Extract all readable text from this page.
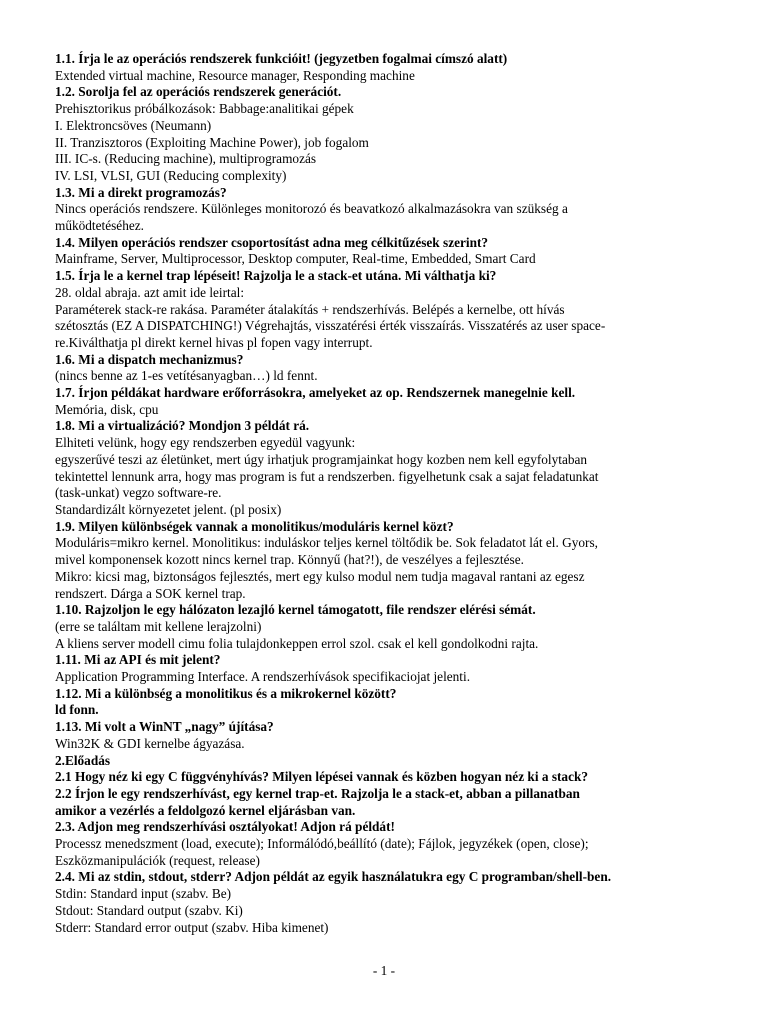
1.1. Írja le az operációs rendszerek funkcióit! (jegyzetben fogalmai címszó alatt)
Extended virtual machine, Resource manager, Responding machine
1.2. Sorolja fel az operációs rendszerek generációt.
Prehisztorikus próbálkozások: Babbage:analitikai gépek
I. Elektroncsöves (Neumann)
II. Tranzisztoros (Exploiting Machine Power), job fogalom
III. IC-s. (Reducing machine), multiprogramozás
IV. LSI, VLSI, GUI (Reducing complexity)
1.3. Mi a direkt programozás?
Nincs operációs rendszere. Különleges monitorozó és beavatkozó alkalmazásokra van szükség a
működtetéséhez.
1.4. Milyen operációs rendszer csoportosítást adna meg célkitűzések szerint?
Mainframe, Server, Multiprocessor, Desktop computer, Real-time, Embedded, Smart Card
1.5. Írja le a kernel trap lépéseit! Rajzolja le a stack-et utána. Mi válthatja ki?
28. oldal abraja. azt amit ide leirtal:
Paraméterek stack-re rakása. Paraméter átalakítás + rendszerhívás. Belépés a kernelbe, ott hívás
szétosztás (EZ A DISPATCHING!) Végrehajtás, visszatérési érték visszaírás. Visszatérés az user space-
re.Kiválthatja pl direkt kernel hivas pl fopen vagy interrupt.
1.6. Mi a dispatch mechanizmus?
(nincs benne az 1-es vetítésanyagban…) ld fennt.
1.7. Írjon példákat hardware erőforrásokra, amelyeket az op. Rendszernek manegelnie kell.
Memória, disk, cpu
1.8. Mi a virtualizáció? Mondjon 3 példát rá.
Elhiteti velünk, hogy egy rendszerben egyedül vagyunk:
egyszerűvé teszi az életünket, mert úgy irhatjuk programjainkat hogy kozben nem kell egyfolytaban
tekintettel lennunk arra, hogy mas program is fut a rendszerben. figyelhetunk csak a sajat feladatunkat
(task-unkat) vegzo software-re.
Standardizált környezetet jelent. (pl posix)
1.9. Milyen különbségek vannak a monolitikus/moduláris kernel közt?
Moduláris=mikro kernel. Monolitikus: induláskor teljes kernel töltődik be. Sok feladatot lát el. Gyors,
mivel komponensek kozott nincs kernel trap. Könnyű (hat?!), de veszélyes a fejlesztése.
Mikro: kicsi mag, biztonságos fejlesztés, mert egy kulso modul nem tudja magaval rantani az egesz
rendszert. Dárga a SOK kernel trap.
1.10. Rajzoljon le egy hálózaton lezajló kernel támogatott, file rendszer elérési sémát.
(erre se találtam mit kellene lerajzolni)
A kliens server modell cimu folia tulajdonkeppen errol szol. csak el kell gondolkodni rajta.
1.11. Mi az API és mit jelent?
Application Programming Interface. A rendszerhívások specifikaciojat jelenti.
1.12. Mi a különbség a monolitikus és a mikrokernel között?
ld fonn.
1.13. Mi volt a WinNT „nagy” újítása?
Win32K & GDI kernelbe ágyazása.
2.Előadás
2.1 Hogy néz ki egy C függvényhívás? Milyen lépései vannak és közben hogyan néz ki a stack?
2.2 Írjon le egy rendszerhívást, egy kernel trap-et. Rajzolja le a stack-et, abban a pillanatban
amikor a vezérlés a feldolgozó kernel eljárásban van.
2.3. Adjon meg rendszerhívási osztályokat! Adjon rá példát!
Processz menedszment (load, execute); Informálódó,beállító (date); Fájlok, jegyzékek (open, close);
Eszközmanipulációk (request, release)
2.4. Mi az stdin, stdout, stderr? Adjon példát az egyik használatukra egy C programban/shell-ben.
Stdin: Standard input (szabv. Be)
Stdout: Standard output (szabv. Ki)
Stderr: Standard error output (szabv. Hiba kimenet)
- 1 -
